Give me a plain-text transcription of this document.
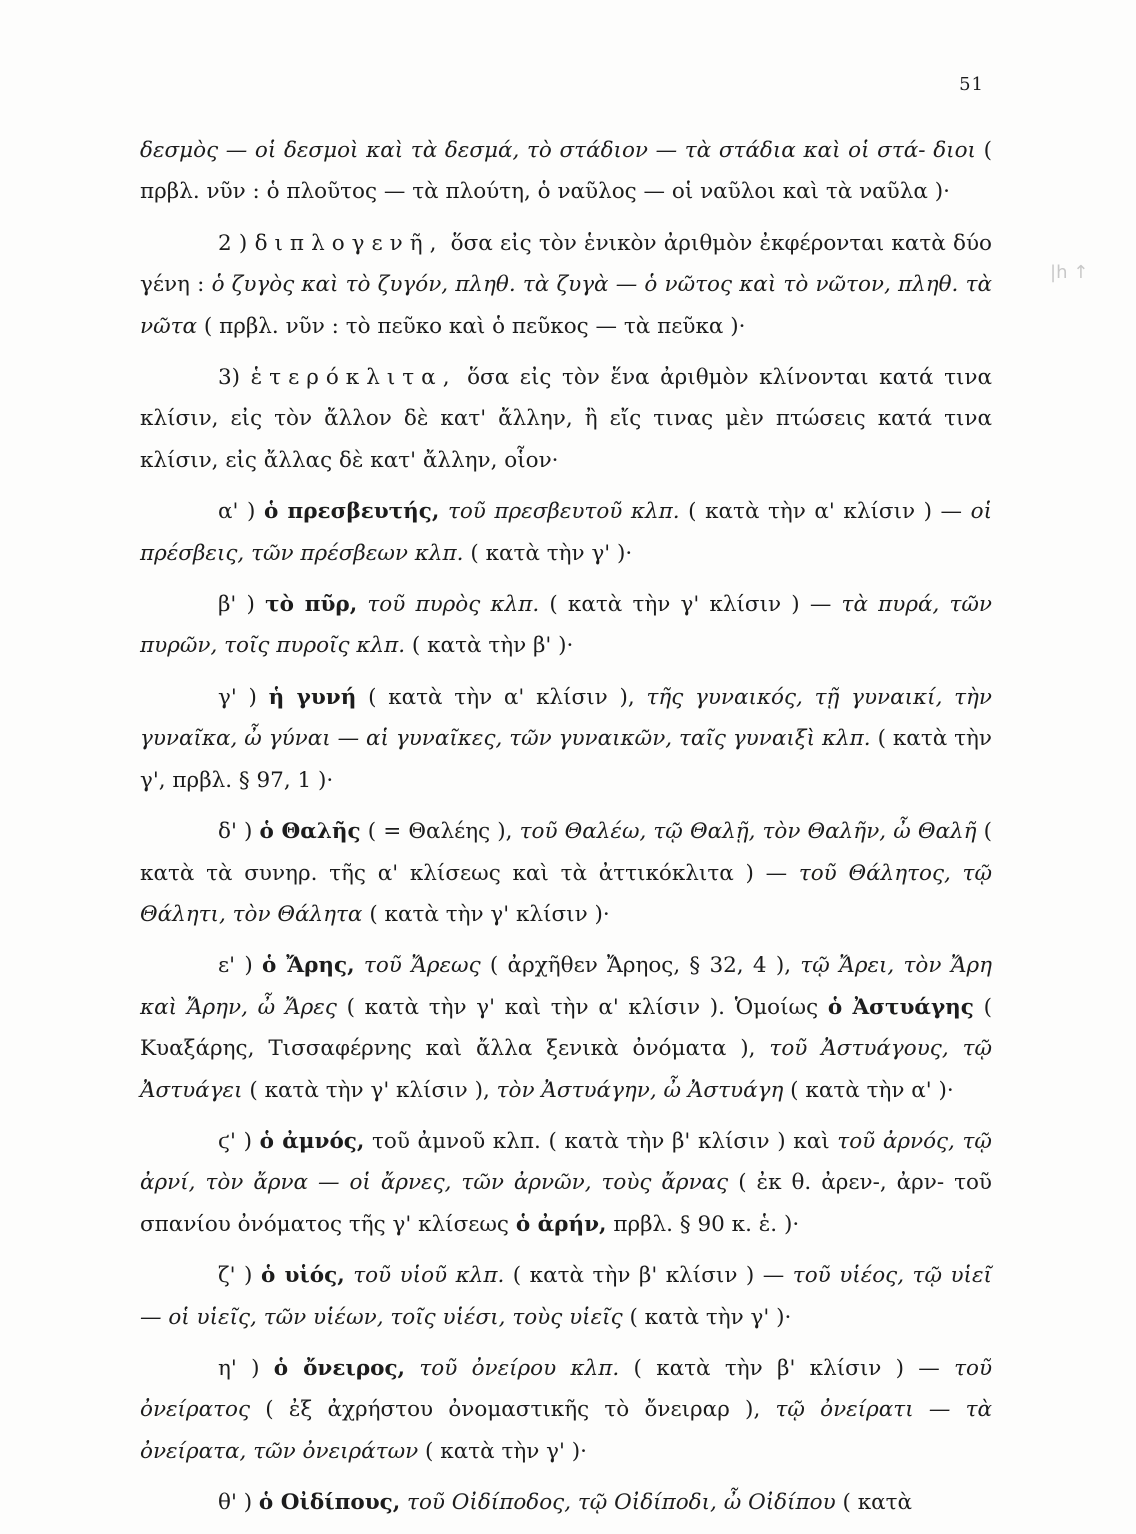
51
|h ↑

δεσμὸς — οἱ δεσμοὶ καὶ τὰ δεσμά, τὸ στάδιον — τὰ στάδια καὶ οἱ στά- διοι ( πρβλ. νῦν : ὁ πλοῦτος — τὰ πλούτη, ὁ ναῦλος — οἱ ναῦλοι καὶ τὰ ναῦλα )·

2 ) διπλογενῆ, ὅσα εἰς τὸν ἑνικὸν ἀριθμὸν ἐκφέρονται κατὰ δύο γένη : ὁ ζυγὸς καὶ τὸ ζυγόν, πληθ. τὰ ζυγὰ — ὁ νῶτος καὶ τὸ νῶτον, πληθ. τὰ νῶτα ( πρβλ. νῦν : τὸ πεῦκο καὶ ὁ πεῦκος — τὰ πεῦκα )·

3) ἑτερόκλιτα, ὅσα εἰς τὸν ἕνα ἀριθμὸν κλίνονται κατά τινα κλίσιν, εἰς τὸν ἄλλον δὲ κατ' ἄλλην, ἢ εἴς τινας μὲν πτώσεις κατά τινα κλίσιν, εἰς ἄλλας δὲ κατ' ἄλλην, οἷον·

α' ) ὁ πρεσβευτής, τοῦ πρεσβευτοῦ κλπ. ( κατὰ τὴν α' κλίσιν ) — οἱ πρέσβεις, τῶν πρέσβεων κλπ. ( κατὰ τὴν γ' )·

β' ) τὸ πῦρ, τοῦ πυρὸς κλπ. ( κατὰ τὴν γ' κλίσιν ) — τὰ πυρά, τῶν πυρῶν, τοῖς πυροῖς κλπ. ( κατὰ τὴν β' )·

γ' ) ἡ γυνή ( κατὰ τὴν α' κλίσιν ), τῆς γυναικός, τῇ γυναικί, τὴν γυναῖκα, ὦ γύναι — αἱ γυναῖκες, τῶν γυναικῶν, ταῖς γυναιξὶ κλπ. ( κατὰ τὴν γ', πρβλ. § 97, 1 )·

δ' ) ὁ Θαλῆς ( = Θαλέης ), τοῦ Θαλέω, τῷ Θαλῇ, τὸν Θαλῆν, ὦ Θαλῆ ( κατὰ τὰ συνηρ. τῆς α' κλίσεως καὶ τὰ ἀττικόκλιτα ) — τοῦ Θάλητος, τῷ Θάλητι, τὸν Θάλητα ( κατὰ τὴν γ' κλίσιν )·

ε' ) ὁ Ἄρης, τοῦ Ἄρεως ( ἀρχῆθεν Ἄρηος, § 32, 4 ), τῷ Ἄρει, τὸν Ἄρη καὶ Ἄρην, ὦ Ἄρες ( κατὰ τὴν γ' καὶ τὴν α' κλίσιν ). Ὁμοίως ὁ Ἀστυάγης ( Κυαξάρης, Τισσαφέρνης καὶ ἄλλα ξενικὰ ὀνόματα ), τοῦ Ἀστυάγους, τῷ Ἀστυάγει ( κατὰ τὴν γ' κλίσιν ), τὸν Ἀστυάγην, ὦ Ἀστυάγη ( κατὰ τὴν α' )·

ϛ' ) ὁ ἀμνός, τοῦ ἀμνοῦ κλπ. ( κατὰ τὴν β' κλίσιν ) καὶ τοῦ ἀρνός, τῷ ἀρνί, τὸν ἄρνα — οἱ ἄρνες, τῶν ἀρνῶν, τοὺς ἄρνας ( ἐκ θ. ἀρεν-, ἀρν- τοῦ σπανίου ὀνόματος τῆς γ' κλίσεως ὁ ἀρήν, πρβλ. § 90 κ. ἑ. )·

ζ' ) ὁ υἱός, τοῦ υἱοῦ κλπ. ( κατὰ τὴν β' κλίσιν ) — τοῦ υἱέος, τῷ υἱεῖ — οἱ υἱεῖς, τῶν υἱέων, τοῖς υἱέσι, τοὺς υἱεῖς ( κατὰ τὴν γ' )·

η' ) ὁ ὄνειρος, τοῦ ὀνείρου κλπ. ( κατὰ τὴν β' κλίσιν ) — τοῦ ὀνείρατος ( ἐξ ἀχρήστου ὀνομαστικῆς τὸ ὄνειραρ ), τῷ ὀνείρατι — τὰ ὀνείρατα, τῶν ὀνειράτων ( κατὰ τὴν γ' )·

θ' ) ὁ Οἰδίπους, τοῦ Οἰδίποδος, τῷ Οἰδίποδι, ὦ Οἰδίπου ( κατὰ
